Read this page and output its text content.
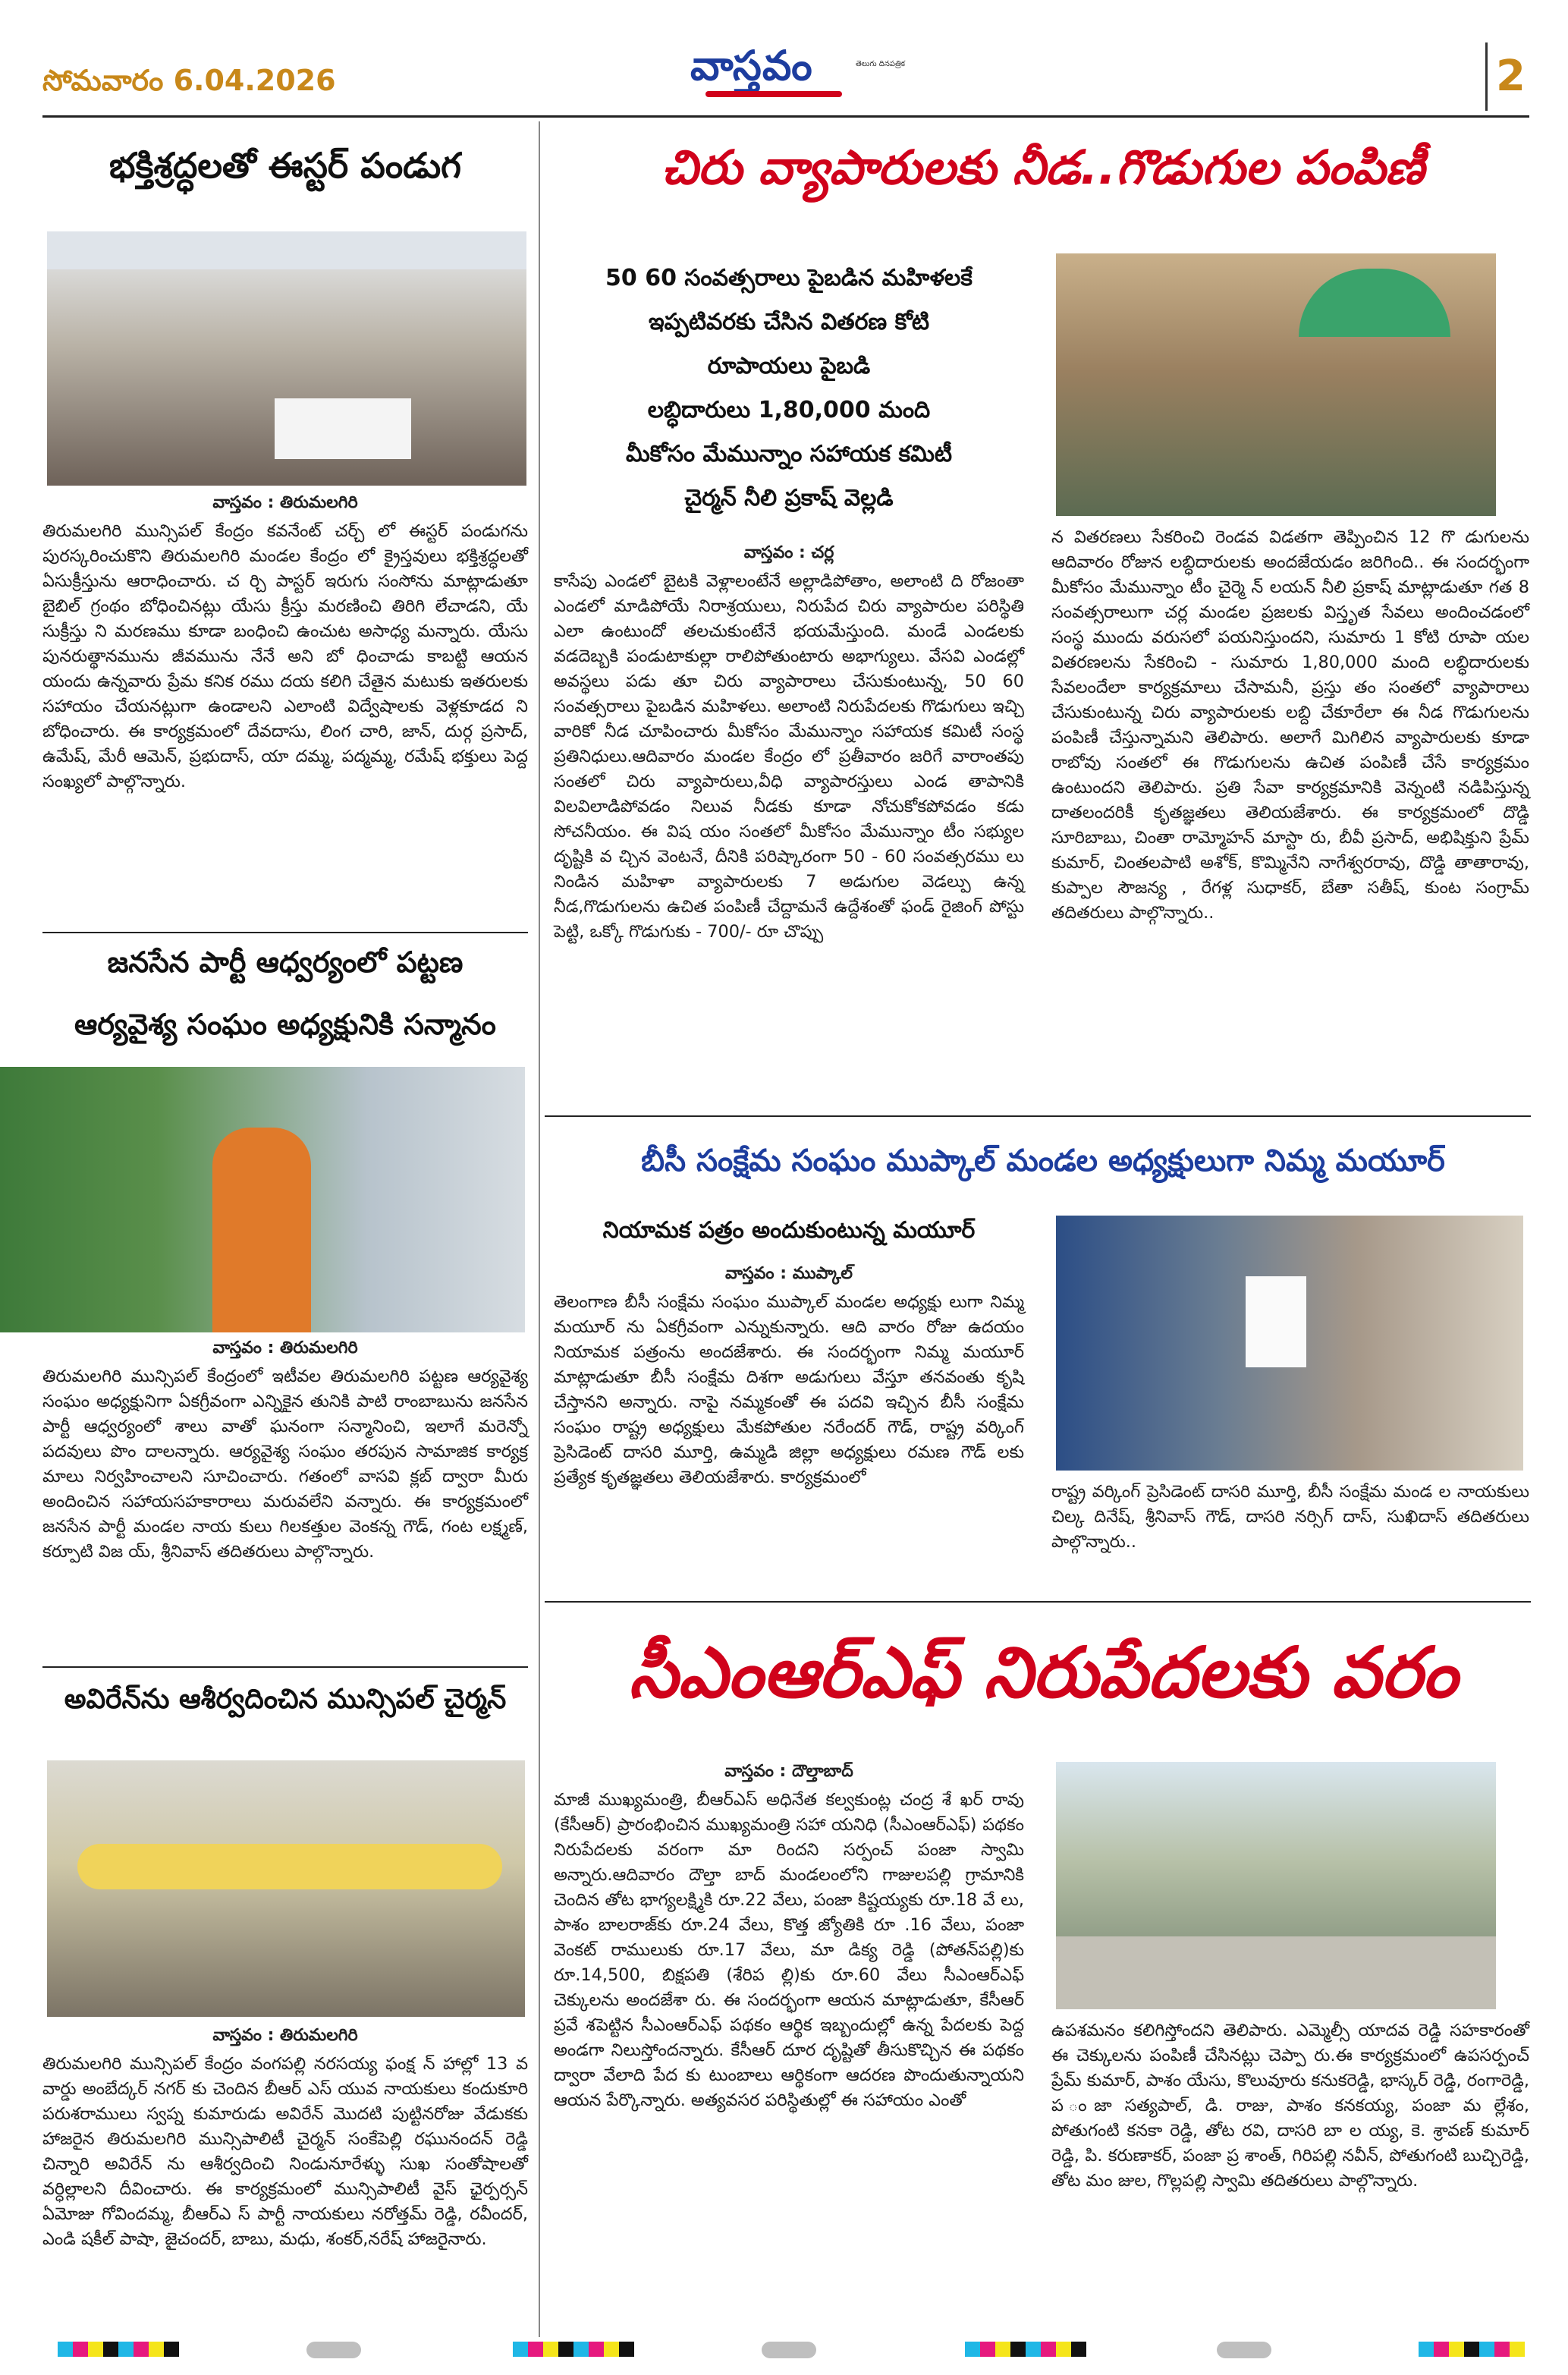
సోమవారం 6.04.2026	వాస్తవం	తెలుగు దినపత్రిక	2
భక్తిశ్రద్ధలతో ఈస్టర్ పండుగ
వాస్తవం : తిరుమలగిరి
తిరుమలగిరి మున్సిపల్ కేంద్రం కవనేంట్ చర్చ్ లో ఈస్టర్ పండుగను పురస్కరించుకొని తిరుమలగిరి మండల కేంద్రం లో క్రైస్తవులు భక్తిశ్రద్ధలతో ఏసుక్రీస్తును ఆరాధించారు. చ ర్చి పాస్టర్ ఇరుగు సంసోను మాట్లాడుతూ బైబిల్ గ్రంథం బోధించినట్లు యేసు క్రీస్తు మరణించి తిరిగి లేచాడని, యే సుక్రీస్తు ని మరణము కూడా బంధించి ఉంచుట అసాధ్య మన్నారు. యేసు పునరుత్థానమును జీవమును నేనే అని బో ధించాడు కాబట్టి ఆయన యందు ఉన్నవారు ప్రేమ కనిక రము దయ కలిగి చేతైన మటుకు ఇతరులకు సహాయం చేయనట్లుగా ఉండాలని ఎలాంటి విద్వేషాలకు వెళ్లకూడద ని బోధించారు. ఈ కార్యక్రమంలో దేవదాసు, లింగ చారి, జాన్, దుర్గ ప్రసాద్, ఉమేష్, మేరీ ఆమెన్, ప్రభుదాస్, యా దమ్మ, పద్మమ్మ, రమేష్ భక్తులు పెద్ద సంఖ్యలో పాల్గొన్నారు.
జనసేన పార్టీ ఆధ్వర్యంలో పట్టణ
ఆర్యవైశ్య సంఘం అధ్యక్షునికి సన్మానం
వాస్తవం : తిరుమలగిరి
తిరుమలగిరి మున్సిపల్ కేంద్రంలో ఇటీవల తిరుమలగిరి పట్టణ ఆర్యవైశ్య సంఘం అధ్యక్షునిగా ఏకగ్రీవంగా ఎన్నికైన తునికి పాటి రాంబాబును జనసేన పార్టీ ఆధ్వర్యంలో శాలు వాతో ఘనంగా సన్మానించి, ఇలాగే మరెన్నో పదవులు పొం దాలన్నారు. ఆర్యవైశ్య సంఘం తరపున సామాజిక కార్యక్ర మాలు నిర్వహించాలని సూచించారు. గతంలో వాసవి క్లబ్ ద్వారా మీరు అందించిన సహాయసహకారాలు మరువలేని వన్నారు. ఈ కార్యక్రమంలో జనసేన పార్టీ మండల నాయ కులు గిలకత్తుల వెంకన్న గౌడ్, గంట లక్ష్మణ్, కర్పూటి విజ య్, శ్రీనివాస్ తదితరులు పాల్గొన్నారు.
అవిరేన్‌ను ఆశీర్వదించిన మున్సిపల్ చైర్మన్
వాస్తవం : తిరుమలగిరి
తిరుమలగిరి మున్సిపల్ కేంద్రం వంగపల్లి నరసయ్య ఫంక్ష న్ హాల్లో 13 వ వార్డు అంబేద్కర్ నగర్ కు చెందిన బీఆర్ ఎస్ యువ నాయకులు కందుకూరి పరుశరాములు స్వప్న కుమారుడు అవిరేన్ మొదటి పుట్టినరోజు వేడుకకు హాజరైన తిరుమలగిరి మున్సిపాలిటీ చైర్మన్ సంకేపెల్లి రఘునందన్ రెడ్డి చిన్నారి అవిరేన్ ను ఆశీర్వదించి నిండునూరేళ్ళు సుఖ సంతోషాలతో వర్ధిల్లాలని దీవించారు. ఈ కార్యక్రమంలో మున్సిపాలిటీ వైస్ ఛైర్పర్సన్ ఏమోజు గోవిందమ్మ, బీఆర్ఎ స్ పార్టీ నాయకులు నరోత్తమ్ రెడ్డి, రవీందర్, ఎండి షకీల్ పాషా, జైచందర్, బాబు, మధు, శంకర్,నరేష్ హాజరైనారు.
చిరు వ్యాపారులకు నీడ..గొడుగుల పంపిణీ
50 60 సంవత్సరాలు పైబడిన మహిళలకే
ఇప్పటివరకు చేసిన వితరణ కోటి
రూపాయలు పైబడి
లబ్ధిదారులు 1,80,000 మంది
మీకోసం మేమున్నాం సహాయక కమిటీ
చైర్మన్ నీలి ప్రకాష్ వెల్లడి
వాస్తవం : చర్ల
కాసేపు ఎండలో బైటకి వెళ్లాలంటేనే అల్లాడిపోతాం, అలాంటి ది రోజంతా ఎండలో మాడిపోయే నిరాశ్రయులు, నిరుపేద చిరు వ్యాపారుల పరిస్థితి ఎలా ఉంటుందో తలచుకుంటేనే భయమేస్తుంది. మండే ఎండలకు వడదెబ్బకి పండుటాకుల్లా రాలిపోతుంటారు అభాగ్యులు. వేసవి ఎండల్లో అవస్థలు పడు తూ చిరు వ్యాపారాలు చేసుకుంటున్న, 50 60 సంవత్సరాలు పైబడిన మహిళలు. అలాంటి నిరుపేదలకు గొడుగులు ఇచ్చి వారికో నీడ చూపించారు మీకోసం మేమున్నాం సహాయక కమిటీ సంస్థ ప్రతినిధులు.ఆదివారం మండల కేంద్రం లో ప్రతీవారం జరిగే వారాంతపు సంతలో చిరు వ్యాపారులు,వీధి వ్యాపారస్తులు ఎండ తాపానికి విలవిలాడిపోవడం నిలువ నీడకు కూడా నోచుకోకపోవడం కడు సోచనీయం. ఈ విష యం సంతలో మీకోసం మేమున్నాం టీం సభ్యుల దృష్టికి వ చ్చిన వెంటనే, దీనికి పరిష్కారంగా 50 - 60 సంవత్సరము లు నిండిన మహిళా వ్యాపారులకు 7 అడుగుల వెడల్పు ఉన్న నీడ,గొడుగులను ఉచిత పంపిణీ చేద్దామనే ఉద్దేశంతో ఫండ్ రైజింగ్ పోస్టు పెట్టి, ఒక్కో గొడుగుకు - 700/- రూ చొప్పు
న వితరణలు సేకరించి రెండవ విడతగా తెప్పించిన 12 గొ డుగులను ఆదివారం రోజున లబ్ధిదారులకు అందజేయడం జరిగింది.. ఈ సందర్భంగా మీకోసం మేమున్నాం టీం చైర్మె న్ లయన్ నీలి ప్రకాష్ మాట్లాడుతూ గత 8 సంవత్సరాలుగా చర్ల మండల ప్రజలకు విస్తృత సేవలు అందించడంలో సంస్థ ముందు వరుసలో పయనిస్తుందని, సుమారు 1 కోటి రూపా యల వితరణలను సేకరించి - సుమారు 1,80,000 మంది లబ్ధిదారులకు సేవలందేలా కార్యక్రమాలు చేసామనీ, ప్రస్తు తం సంతలో వ్యాపారాలు చేసుకుంటున్న చిరు వ్యాపారులకు లబ్ది చేకూరేలా ఈ నీడ గొడుగులను పంపిణీ చేస్తున్నామని తెలిపారు. అలాగే మిగిలిన వ్యాపారులకు కూడా రాబోవు సంతలో ఈ గొడుగులను ఉచిత పంపిణీ చేసే కార్యక్రమం ఉంటుందని తెలిపారు. ప్రతి సేవా కార్యక్రమానికి వెన్నంటి నడిపిస్తున్న దాతలందరికీ కృతజ్ఞతలు తెలియజేశారు. ఈ కార్యక్రమంలో దొడ్డి సూరిబాబు, చింతా రామ్మోహన్ మాస్టా రు, బీవీ ప్రసాద్, అభిషిక్తుని ప్రేమ్ కుమార్, చింతలపాటి అశోక్, కొమ్మినేని నాగేశ్వరరావు, దొడ్డి తాతారావు, కుప్పాల సౌజన్య , రేగళ్ల సుధాకర్, బేతా సతీష్, కుంట సంగ్రామ్ తదితరులు పాల్గొన్నారు..
బీసీ సంక్షేమ సంఘం ముప్కాల్ మండల అధ్యక్షులుగా నిమ్మ మయూర్
నియామక పత్రం అందుకుంటున్న మయూర్
వాస్తవం : ముప్కాల్
తెలంగాణ బీసీ సంక్షేమ సంఘం ముప్కాల్ మండల అధ్యక్షు లుగా నిమ్మ మయూర్ ను ఏకగ్రీవంగా ఎన్నుకున్నారు. ఆది వారం రోజు ఉదయం నియామక పత్రంను అందజేశారు. ఈ సందర్భంగా నిమ్మ మయూర్ మాట్లాడుతూ బీసీ సంక్షేమ దిశగా అడుగులు వేస్తూ తనవంతు కృషి చేస్తానని అన్నారు. నాపై నమ్మకంతో ఈ పదవి ఇచ్చిన బీసీ సంక్షేమ సంఘం రాష్ట్ర అధ్యక్షులు మేకపోతుల నరేందర్ గౌడ్, రాష్ట్ర వర్కింగ్ ప్రెసిడెంట్ దాసరి మూర్తి, ఉమ్మడి జిల్లా అధ్యక్షులు రమణ గౌడ్ లకు ప్రత్యేక కృతజ్ఞతలు తెలియజేశారు. కార్యక్రమంలో
రాష్ట్ర వర్కింగ్ ప్రెసిడెంట్ దాసరి మూర్తి, బీసీ సంక్షేమ మండ ల నాయకులు చిల్క దినేష్, శ్రీనివాస్ గౌడ్, దాసరి నర్సిగ్ దాస్, సుఖిదాస్ తదితరులు పాల్గొన్నారు..
సీఎంఆర్ఎఫ్ నిరుపేదలకు వరం
వాస్తవం : దౌల్తాబాద్
మాజీ ముఖ్యమంత్రి, బీఆర్ఎస్ అధినేత కల్వకుంట్ల చంద్ర శే ఖర్ రావు (కేసీఆర్) ప్రారంభించిన ముఖ్యమంత్రి సహా యనిధి (సీఎంఆర్ఎఫ్) పథకం నిరుపేదలకు వరంగా మా రిందని సర్పంచ్ పంజా స్వామి అన్నారు.ఆదివారం దౌల్తా బాద్ మండలంలోని గాజులపల్లి గ్రామానికి చెందిన తోట భాగ్యలక్ష్మికి రూ.22 వేలు, పంజా కిష్టయ్యకు రూ.18 వే లు, పాశం బాలరాజ్‌కు రూ.24 వేలు, కొత్త జ్యోతికి రూ .16 వేలు, పంజా వెంకట్ రాములుకు రూ.17 వేలు, మా డిక్య రెడ్డి (పోతన్‌పల్లి)కు రూ.14,500, బిక్షపతి (శేరిప ల్లి)కు రూ.60 వేలు సీఎంఆర్ఎఫ్ చెక్కులను అందజేశా రు. ఈ సందర్భంగా ఆయన మాట్లాడుతూ, కేసీఆర్ ప్రవే శపెట్టిన సీఎంఆర్ఎఫ్ పథకం ఆర్థిక ఇబ్బందుల్లో ఉన్న పేదలకు పెద్ద అండగా నిలుస్తోందన్నారు. కేసీఆర్ దూర దృష్టితో తీసుకొచ్చిన ఈ పథకం ద్వారా వేలాది పేద కు టుంబాలు ఆర్థికంగా ఆదరణ పొందుతున్నాయని ఆయన పేర్కొన్నారు. అత్యవసర పరిస్థితుల్లో ఈ సహాయం ఎంతో
ఉపశమనం కలిగిస్తోందని తెలిపారు. ఎమ్మెల్సీ యాదవ రెడ్డి సహకారంతో ఈ చెక్కులను పంపిణీ చేసినట్లు చెప్పా రు.ఈ కార్యక్రమంలో ఉపసర్పంచ్ ప్రేమ్ కుమార్, పాశం యేసు, కొలువూరు కనుకరెడ్డి, భాస్కర్ రెడ్డి, రంగారెడ్డి, ప ంజా సత్యపాల్, డి. రాజు, పాశం కనకయ్య, పంజా మ ల్లేశం, పోతుగంటి కనకా రెడ్డి, తోట రవి, దాసరి బా ల య్య, కె. శ్రావణ్ కుమార్ రెడ్డి, పి. కరుణాకర్, పంజా ప్ర శాంత్, గిరిపల్లి నవీన్, పోతుగంటి బుచ్చిరెడ్డి, తోట మం జుల, గొల్లపల్లి స్వామి తదితరులు పాల్గొన్నారు.
